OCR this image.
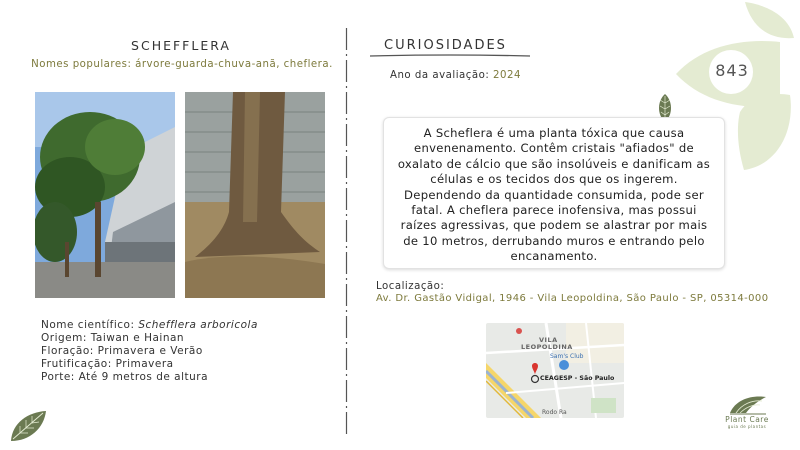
843
SCHEFFLERA
Nomes populares: árvore-guarda-chuva-anã, cheflera.
Nome científico: Schefflera arboricola
Origem: Taiwan e Hainan
Floração: Primavera e Verão
Frutificação: Primavera
Porte: Até 9 metros de altura
CURIOSIDADES
Ano da avaliação: 2024
A Scheflera é uma planta tóxica que causa envenenamento. Contêm cristais "afiados" de oxalato de cálcio que são insolúveis e danificam as células e os tecidos dos que os ingerem. Dependendo da quantidade consumida, pode ser fatal. A cheflera parece inofensiva, mas possui raízes agressivas, que podem se alastrar por mais de 10 metros, derrubando muros e entrando pelo encanamento.
Localização:
Av. Dr. Gastão Vidigal, 1946 - Vila Leopoldina, São Paulo - SP, 05314-000
VILA
LEOPOLDINA
Sam's Club
CEAGESP - São Paulo
Rodo Ra
Plant Care
guia de plantas
